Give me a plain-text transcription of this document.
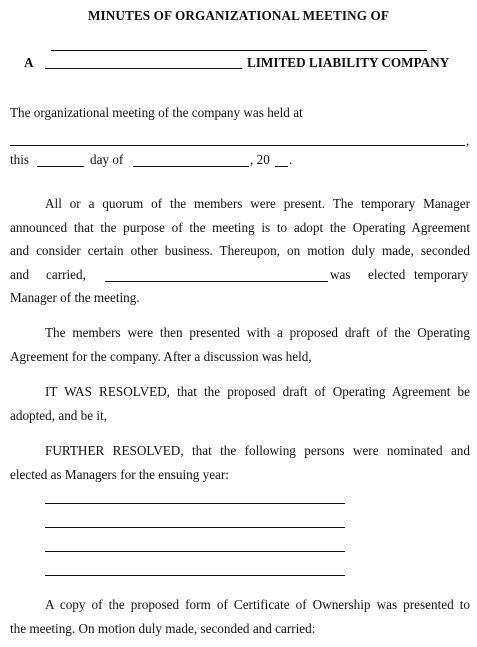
MINUTES OF ORGANIZATIONAL MEETING OF
A	LIMITED LIABILITY COMPANY
The organizational meeting of the company was held at
,
this	day of	, 20 .
All or a quorum of the members were present. The temporary Manager
announced that the purpose of the meeting is to adopt the Operating Agreement
and consider certain other business. Thereupon, on motion duly made, seconded
and carried,	was elected temporary
Manager of the meeting.
The members were then presented with a proposed draft of the Operating
Agreement for the company. After a discussion was held,
IT WAS RESOLVED, that the proposed draft of Operating Agreement be
adopted, and be it,
FURTHER RESOLVED, that the following persons were nominated and
elected as Managers for the ensuing year:
A copy of the proposed form of Certificate of Ownership was presented to
the meeting. On motion duly made, seconded and carried:
